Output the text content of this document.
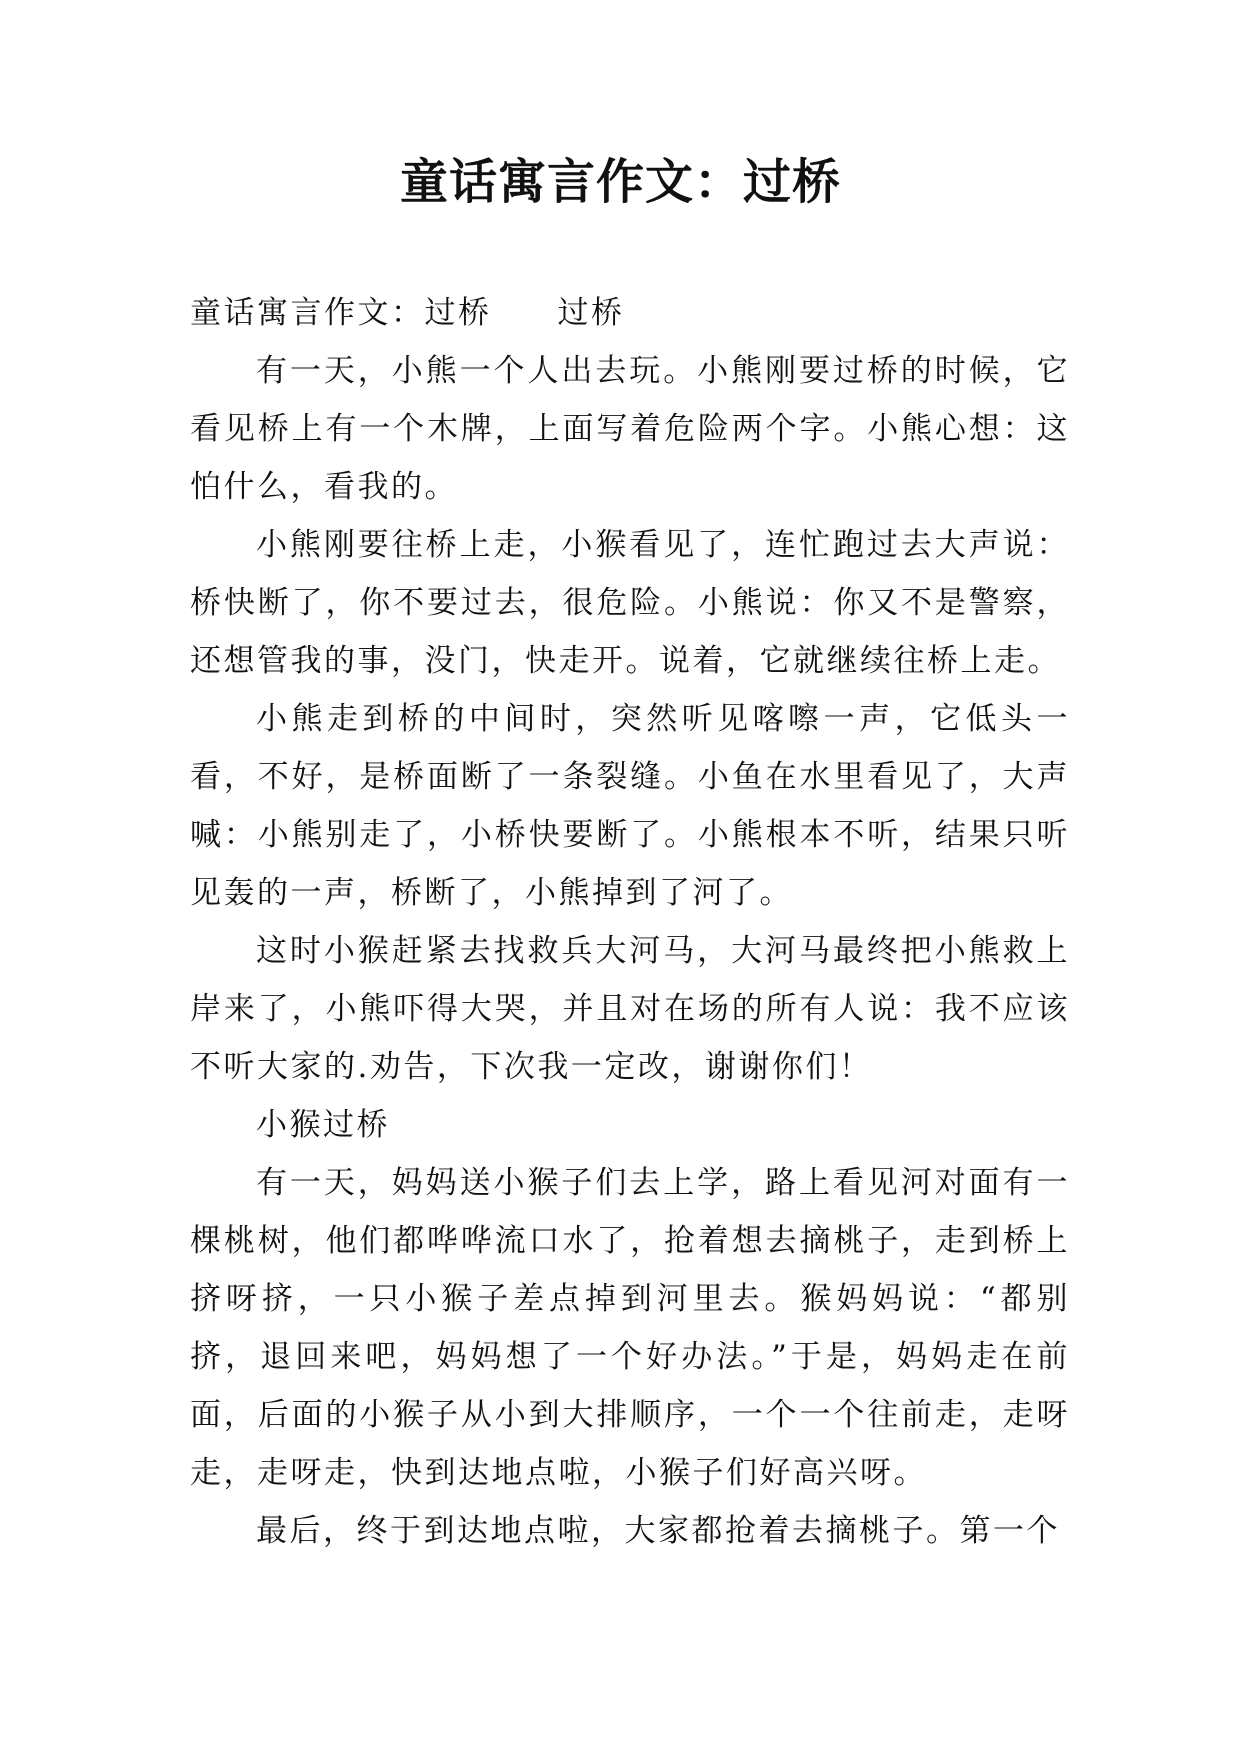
童话寓言作文：过桥

童话寓言作文：过桥 过桥

有一天，小熊一个人出去玩。小熊刚要过桥的时候，它看见桥上有一个木牌，上面写着危险两个字。小熊心想：这怕什么，看我的。

小熊刚要往桥上走，小猴看见了，连忙跑过去大声说：桥快断了，你不要过去，很危险。小熊说：你又不是警察，还想管我的事，没门，快走开。说着，它就继续往桥上走。

小熊走到桥的中间时，突然听见喀嚓一声，它低头一看，不好，是桥面断了一条裂缝。小鱼在水里看见了，大声喊：小熊别走了，小桥快要断了。小熊根本不听，结果只听见轰的一声，桥断了，小熊掉到了河了。

这时小猴赶紧去找救兵大河马，大河马最终把小熊救上岸来了，小熊吓得大哭，并且对在场的所有人说：我不应该不听大家的.劝告，下次我一定改，谢谢你们！

小猴过桥

有一天，妈妈送小猴子们去上学，路上看见河对面有一棵桃树，他们都哗哗流口水了，抢着想去摘桃子，走到桥上挤呀挤，一只小猴子差点掉到河里去。猴妈妈说：“都别挤，退回来吧，妈妈想了一个好办法。”于是，妈妈走在前面，后面的小猴子从小到大排顺序，一个一个往前走，走呀走，走呀走，快到达地点啦，小猴子们好高兴呀。

最后，终于到达地点啦，大家都抢着去摘桃子。第一个
